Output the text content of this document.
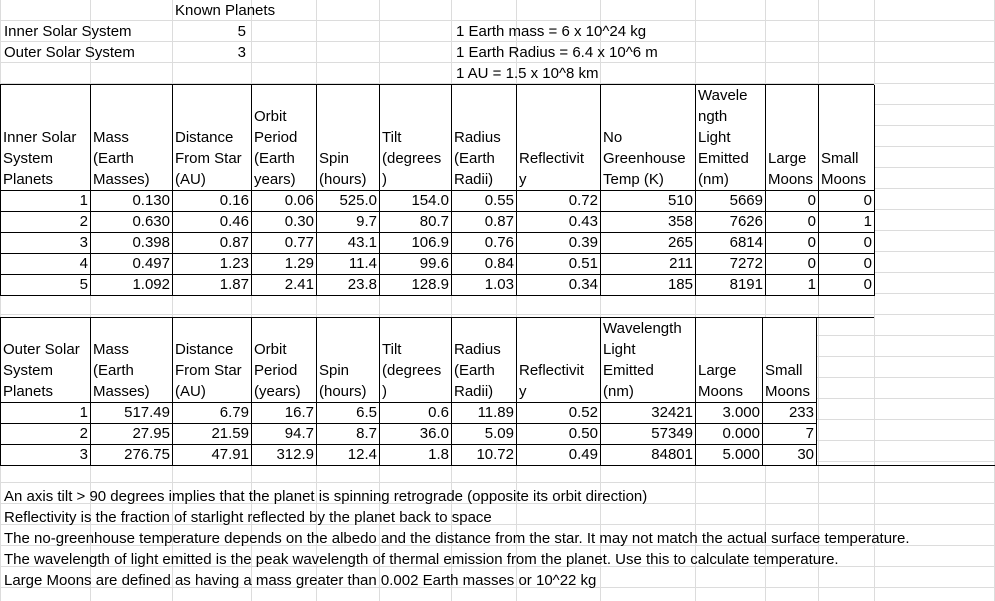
Known Planets
Inner Solar System	5
Outer Solar System	3
1 Earth mass = 6 x 10^24 kg
1 Earth Radius = 6.4 x 10^6 m
1 AU = 1.5 x 10^8 km
Inner Solar
System
Planets	Mass
(Earth
Masses)	Distance
From Star
(AU)	Orbit
Period
(Earth
years)	Spin
(hours)	Tilt
(degrees
)	Radius
(Earth
Radii)	Reflectivit
y	No
Greenhouse
Temp (K)	Wavele
ngth
Light
Emitted
(nm)	Large
Moons	Small
Moons
1	0.130	0.16	0.06	525.0	154.0	0.55	0.72	510	5669	0	0
2	0.630	0.46	0.30	9.7	80.7	0.87	0.43	358	7626	0	1
3	0.398	0.87	0.77	43.1	106.9	0.76	0.39	265	6814	0	0
4	0.497	1.23	1.29	11.4	99.6	0.84	0.51	211	7272	0	0
5	1.092	1.87	2.41	23.8	128.9	1.03	0.34	185	8191	1	0
Outer Solar
System
Planets	Mass
(Earth
Masses)	Distance
From Star
(AU)	Orbit
Period
(years)	Spin
(hours)	Tilt
(degrees
)	Radius
(Earth
Radii)	Reflectivit
y	Wavelength
Light
Emitted
(nm)	Large
Moons	Small
Moons
1	517.49	6.79	16.7	6.5	0.6	11.89	0.52	32421	3.000	233
2	27.95	21.59	94.7	8.7	36.0	5.09	0.50	57349	0.000	7
3	276.75	47.91	312.9	12.4	1.8	10.72	0.49	84801	5.000	30
An axis tilt > 90 degrees implies that the planet is spinning retrograde (opposite its orbit direction)
Reflectivity is the fraction of starlight reflected by the planet back to space
The no-greenhouse temperature depends on the albedo and the distance from the star. It may not match the actual surface temperature.
The wavelength of light emitted is the peak wavelength of thermal emission from the planet. Use this to calculate temperature.
Large Moons are defined as having a mass greater than 0.002 Earth masses or 10^22 kg
